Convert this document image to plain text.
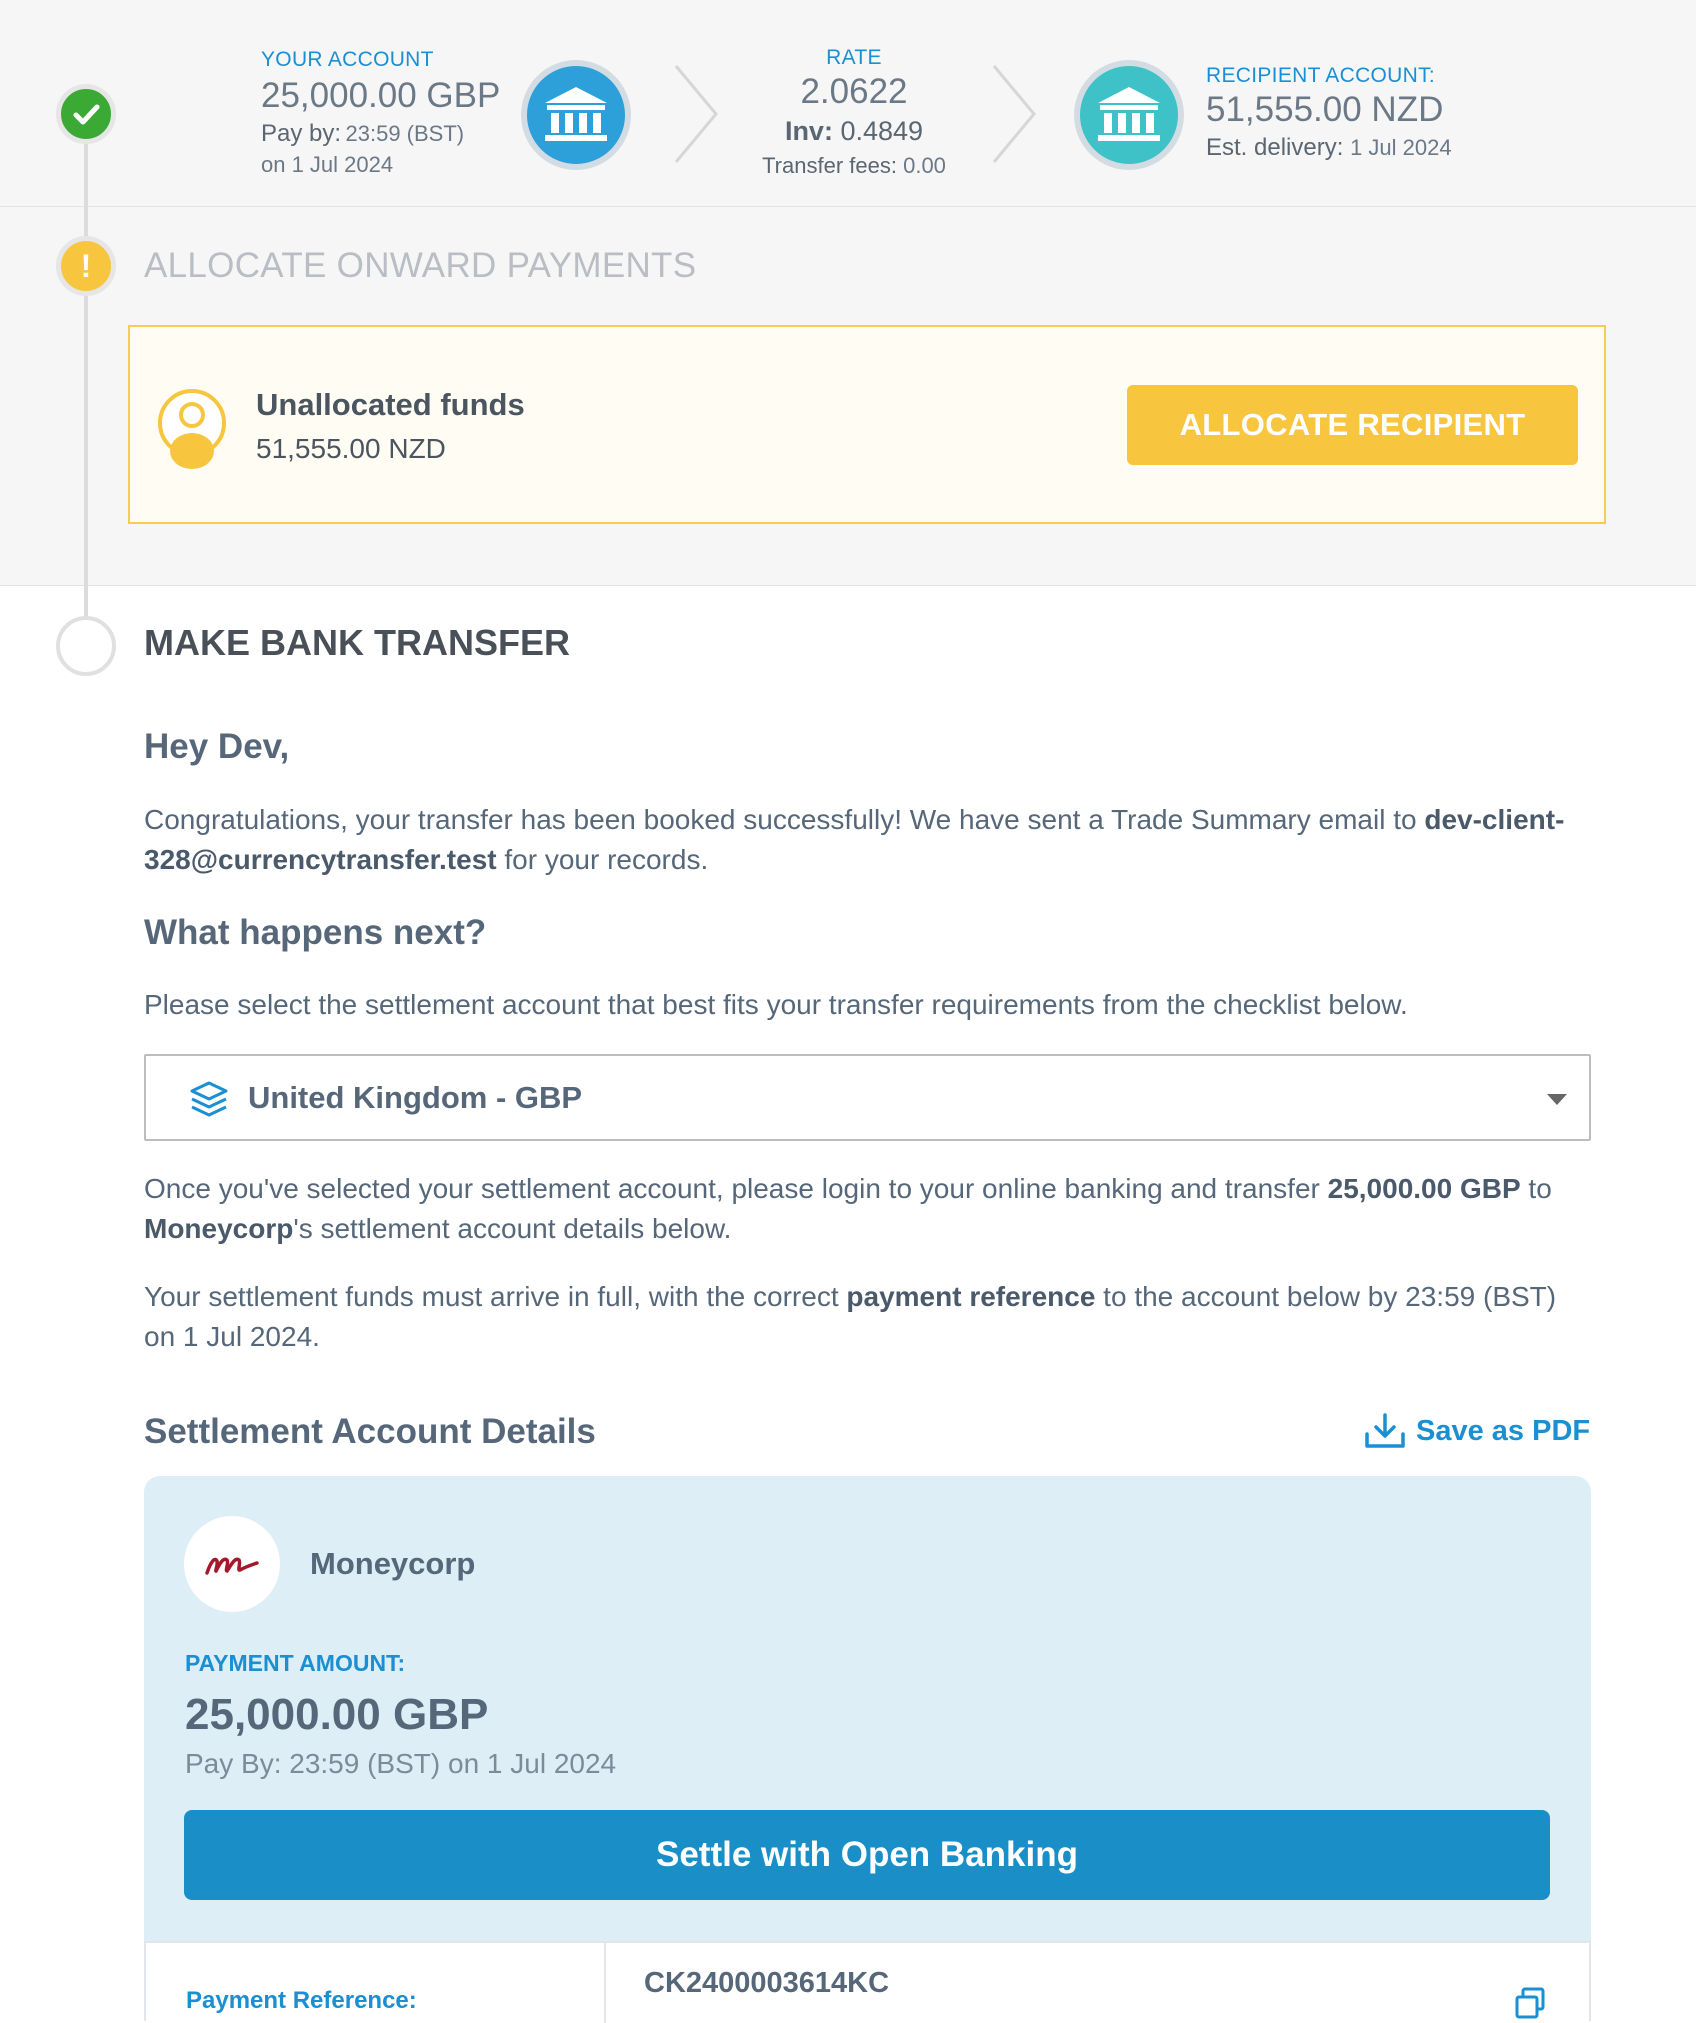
!
YOUR ACCOUNT
25,000.00 GBP
Pay by: 23:59 (BST)
on 1 Jul 2024
RATE
2.0622
Inv: 0.4849
Transfer fees: 0.00
RECIPIENT ACCOUNT:
51,555.00 NZD
Est. delivery: 1 Jul 2024
ALLOCATE ONWARD PAYMENTS
Unallocated funds
51,555.00 NZD
ALLOCATE RECIPIENT
MAKE BANK TRANSFER
Hey Dev,
Congratulations, your transfer has been booked successfully! We have sent a Trade Summary email to dev-client-328@currencytransfer.test for your records.
What happens next?
Please select the settlement account that best fits your transfer requirements from the checklist below.
United Kingdom - GBP
Once you've selected your settlement account, please login to your online banking and transfer 25,000.00 GBP to Moneycorp's settlement account details below.
Your settlement funds must arrive in full, with the correct payment reference to the account below by 23:59 (BST) on 1 Jul 2024.
Settlement Account Details	Save as PDF
Moneycorp
PAYMENT AMOUNT:
25,000.00 GBP
Pay By: 23:59 (BST) on 1 Jul 2024
Settle with Open Banking
Payment Reference:
CK2400003614KC
